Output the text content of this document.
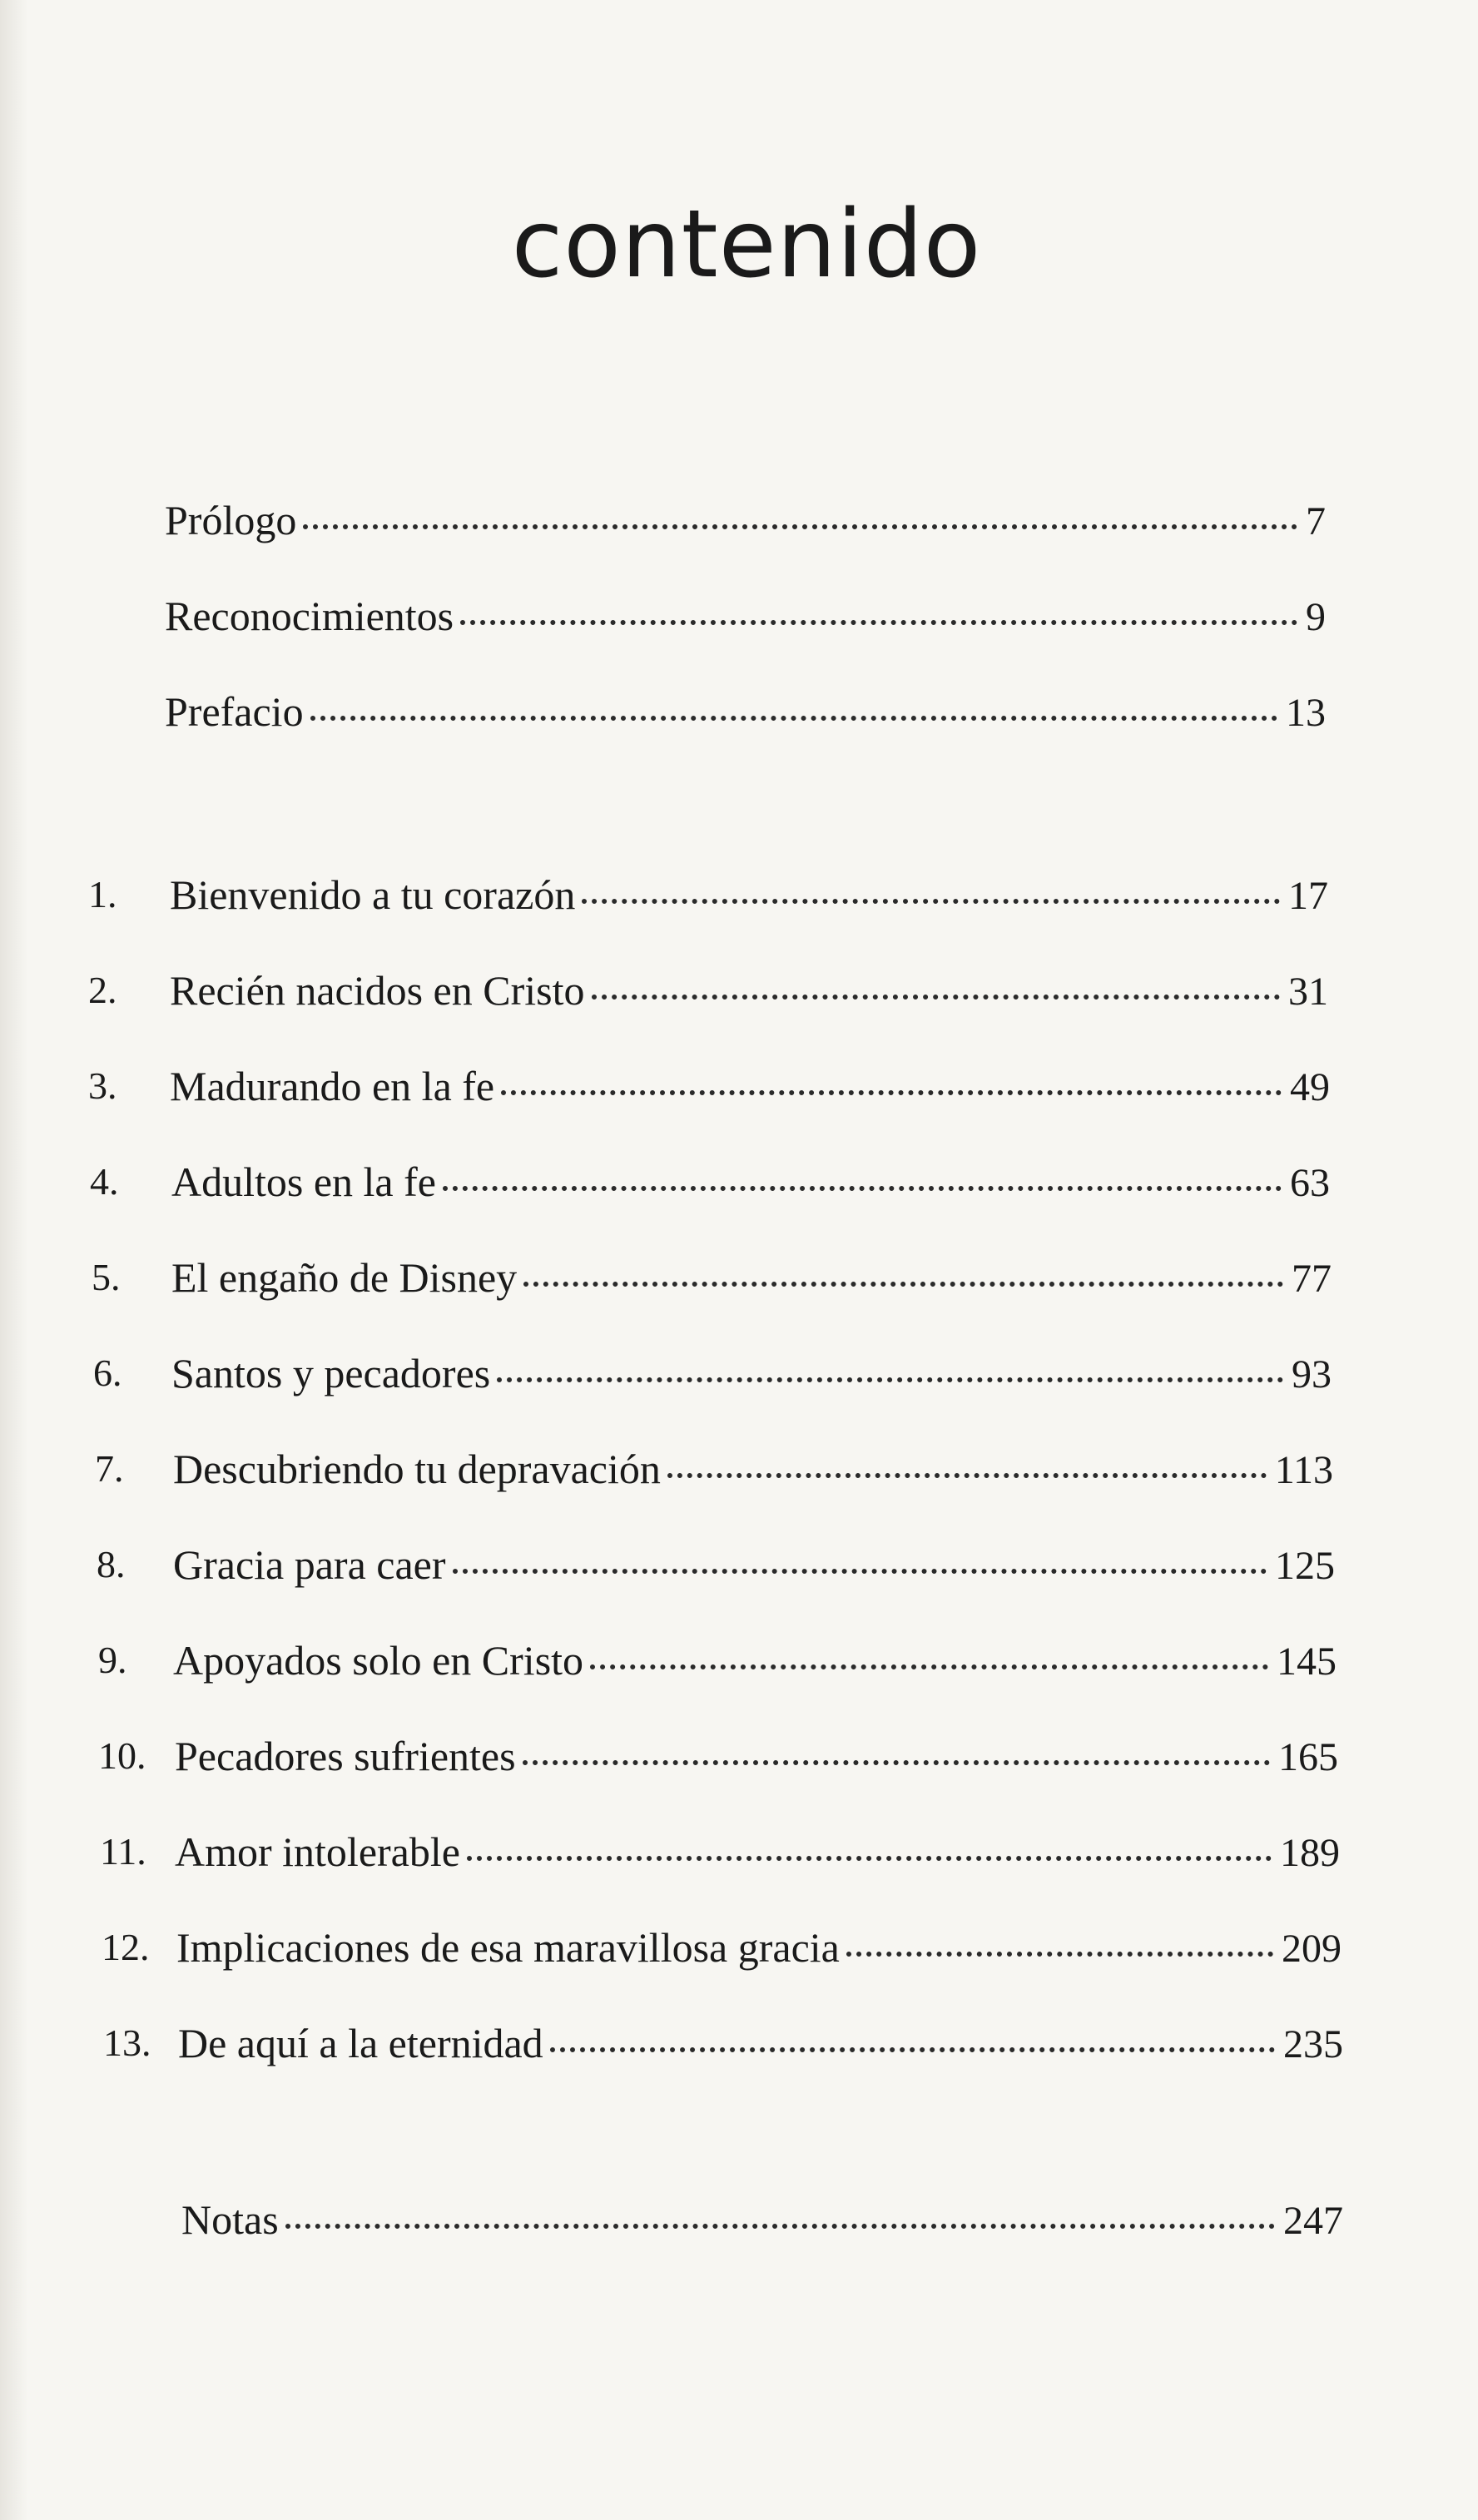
contenido
Prólogo	7
Reconocimientos	9
Prefacio	13
1. Bienvenido a tu corazón	17
2. Recién nacidos en Cristo	31
3. Madurando en la fe	49
4. Adultos en la fe	63
5. El engaño de Disney	77
6. Santos y pecadores	93
7. Descubriendo tu depravación	113
8. Gracia para caer	125
9. Apoyados solo en Cristo	145
10. Pecadores sufrientes	165
11. Amor intolerable	189
12. Implicaciones de esa maravillosa gracia	209
13. De aquí a la eternidad	235
Notas	247
